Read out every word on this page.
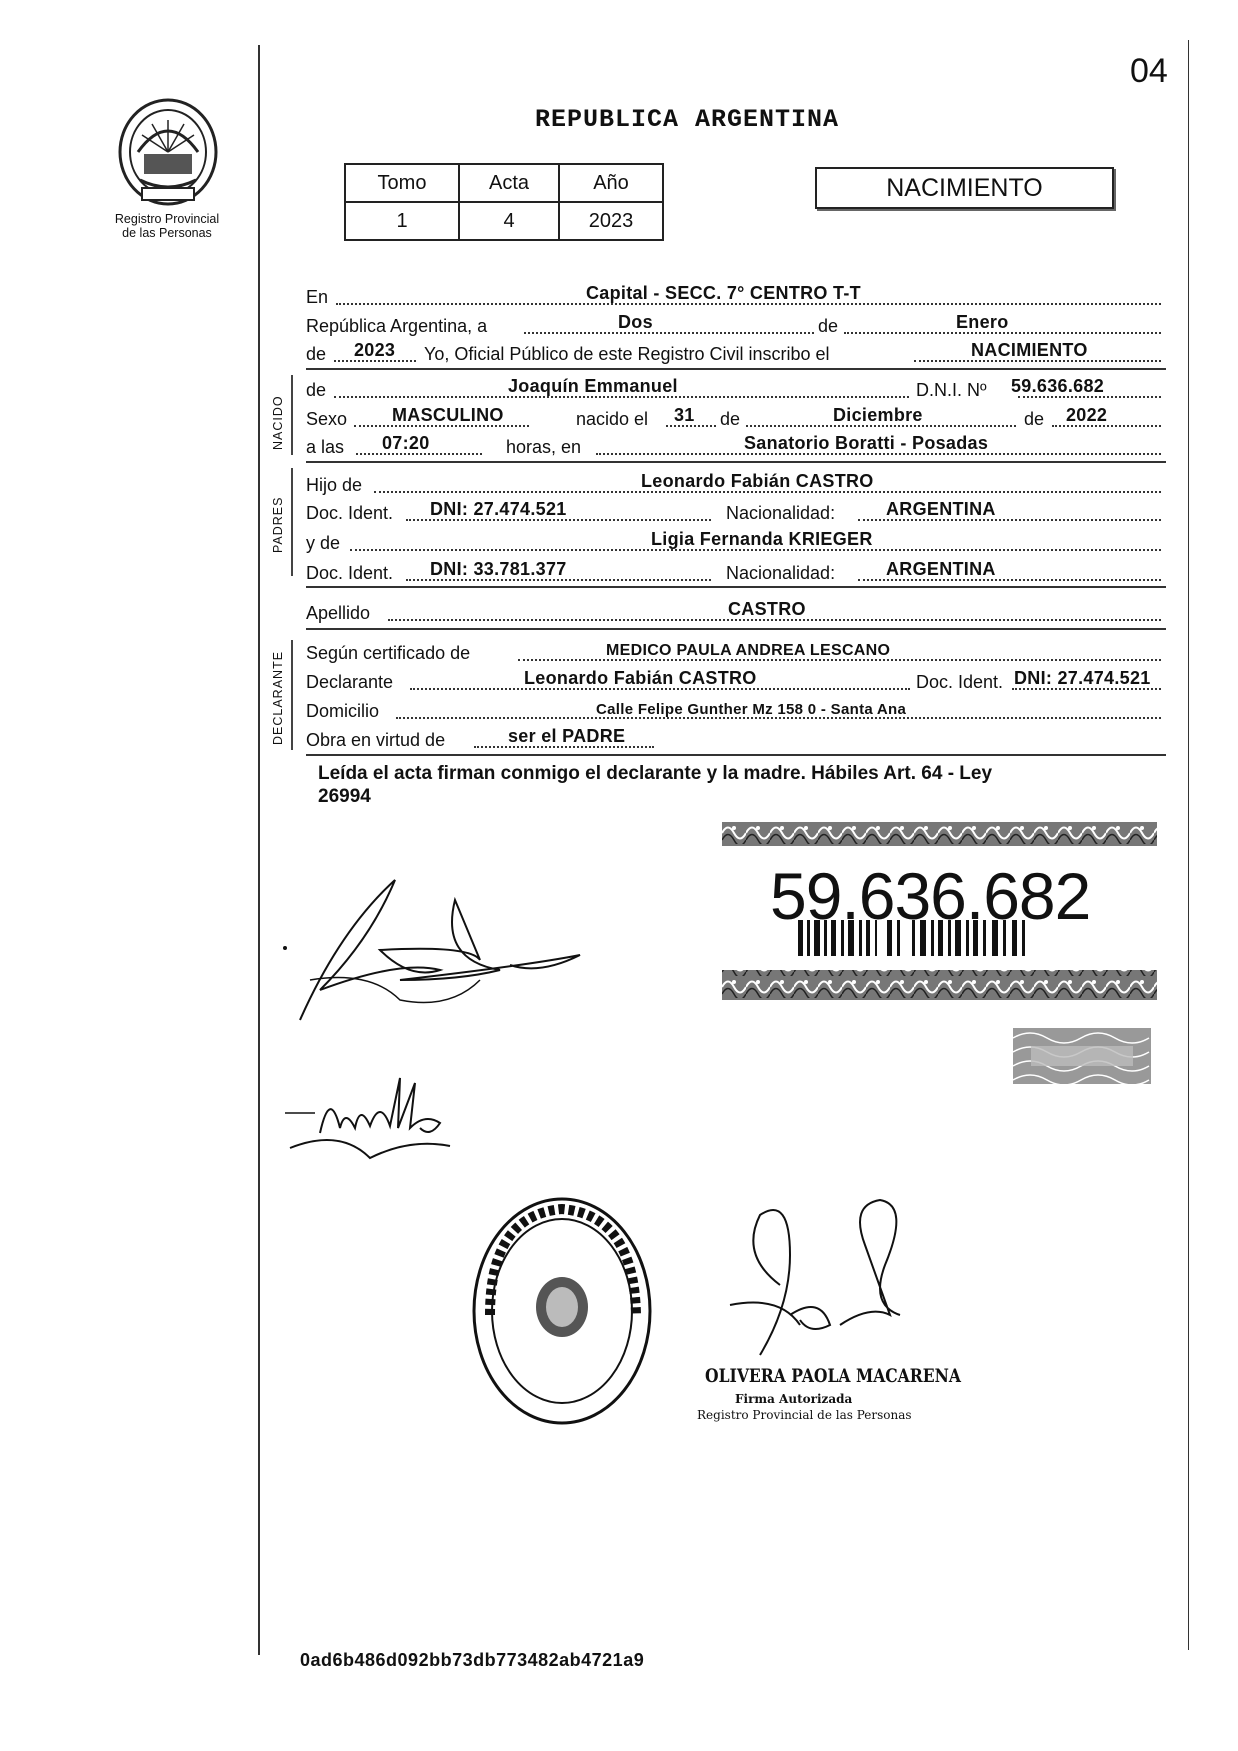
04
Registro Provincial
de las Personas
REPUBLICA ARGENTINA
Tomo	Acta	Año
1	4	2023
NACIMIENTO
En	Capital - SECC. 7° CENTRO T-T
República Argentina, a	Dos	de	Enero
de 2023 Yo, Oficial Público de este Registro Civil inscribo el	NACIMIENTO
NACIDO
de	Joaquín Emmanuel	D.N.I. Nº 59.636.682
Sexo MASCULINO	nacido el 31 de	Diciembre	de 2022
a las 07:20	horas, en	Sanatorio Boratti - Posadas
PADRES
Hijo de	Leonardo Fabián CASTRO
Doc. Ident. DNI: 27.474.521	Nacionalidad:	ARGENTINA
y de	Ligia Fernanda KRIEGER
Doc. Ident. DNI: 33.781.377	Nacionalidad:	ARGENTINA
Apellido	CASTRO
DECLARANTE Según certificado de	MEDICO PAULA ANDREA LESCANO
Declarante	Leonardo Fabián CASTRO	Doc. Ident. DNI: 27.474.521
Domicilio	Calle Felipe Gunther Mz 158 0 - Santa Ana
Obra en virtud de	ser el PADRE
Leída el acta firman conmigo el declarante y la madre. Hábiles Art. 64 - Ley
26994
59.636.682
OLIVERA PAOLA MACARENA
Firma Autorizada
Registro Provincial de las Personas
0ad6b486d092bb73db773482ab4721a9
